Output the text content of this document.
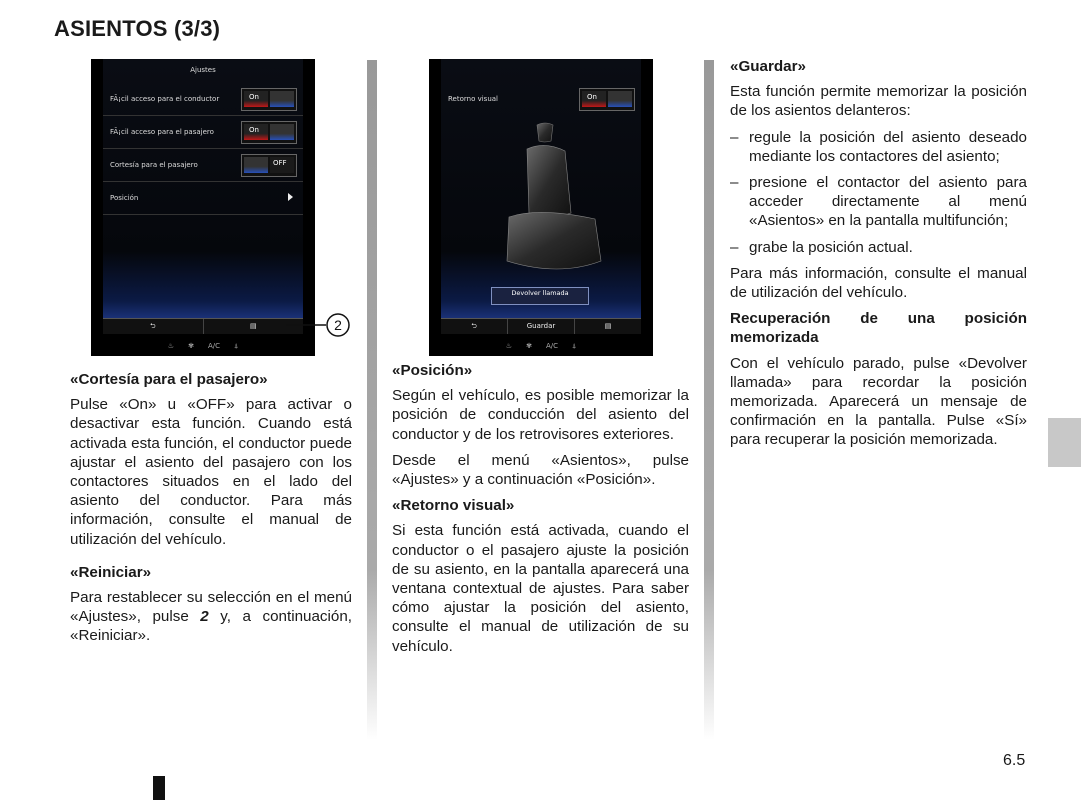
ASIENTOS (3/3)
Ajustes
FÃ¡cil acceso para el conductor	On
FÃ¡cil acceso para el pasajero	On
Cortesía para el pasajero	OFF
Posición
⮌	▤
♨ ✾ A/C ⍋
2
Retorno visual	On
Devolver llamada
⮌	Guardar	▤
♨ ✾ A/C ⍋
«Cortesía para el pasajero»

Pulse «On» u «OFF» para activar o desactivar esta función. Cuando está activada esta función, el conductor puede ajustar el asiento del pasajero con los contactores situados en el lado del asiento del conductor. Para más información, consulte el manual de utilización del vehículo.

«Reiniciar»

Para restablecer su selección en el menú «Ajustes», pulse 2 y, a continuación, «Reiniciar».

«Posición»

Según el vehículo, es posible memorizar la posición de conducción del asiento del conductor y de los retrovisores exteriores.

Desde el menú «Asientos», pulse «Ajustes» y a continuación «Posición».

«Retorno visual»

Si esta función está activada, cuando el conductor o el pasajero ajuste la posición de su asiento, en la pantalla aparecerá una ventana contextual de ajustes. Para saber cómo ajustar la posición del asiento, consulte el manual de utilización de su vehículo.

«Guardar»

Esta función permite memorizar la posición de los asientos delanteros:

– regule la posición del asiento deseado mediante los contactores del asiento;
– presione el contactor del asiento para acceder directamente al menú «Asientos» en la pantalla multifunción;
– grabe la posición actual.

Para más información, consulte el manual de utilización del vehículo.

Recuperación de una posición memorizada

Con el vehículo parado, pulse «Devolver llamada» para recordar la posición memorizada. Aparecerá un mensaje de confirmación en la pantalla. Pulse «Sí» para recuperar la posición memorizada.

6.5
